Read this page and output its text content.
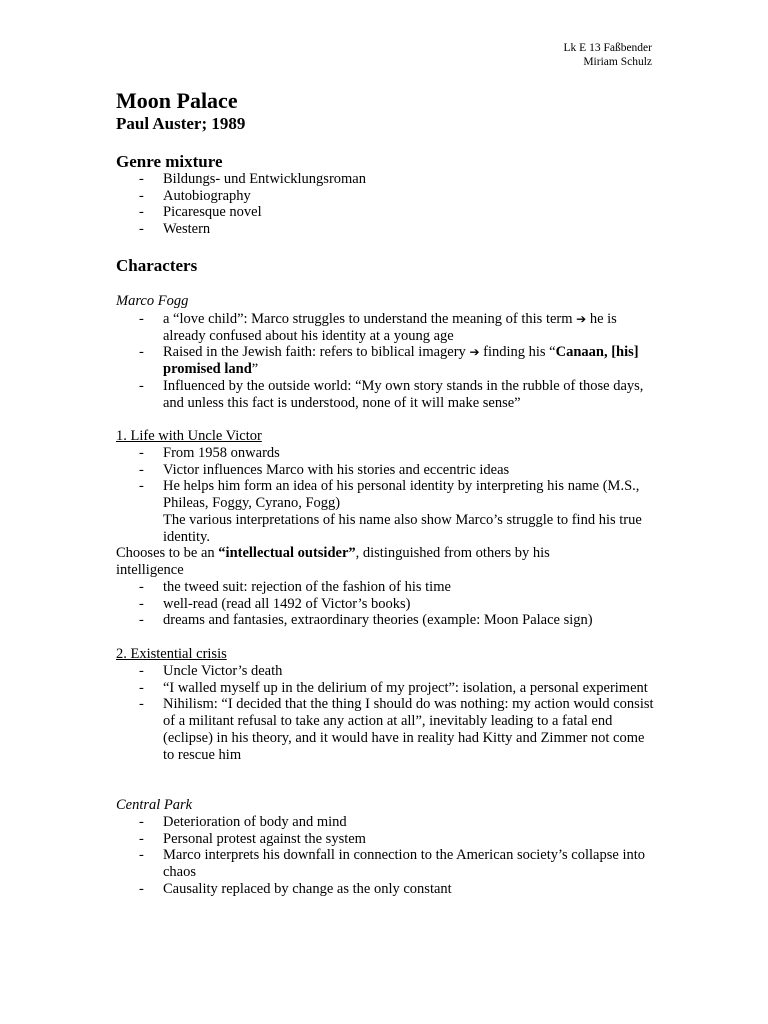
Lk E 13 Faßbender
Miriam Schulz
Moon Palace
Paul Auster; 1989
Genre mixture
- Bildungs- und Entwicklungsroman
- Autobiography
- Picaresque novel
- Western
Characters
Marco Fogg
- a “love child”: Marco struggles to understand the meaning of this term ➔ he is already confused about his identity at a young age
- Raised in the Jewish faith: refers to biblical imagery ➔ finding his “Canaan, [his] promised land”
- Influenced by the outside world: “My own story stands in the rubble of those days, and unless this fact is understood, none of it will make sense”
1. Life with Uncle Victor
- From 1958 onwards
- Victor influences Marco with his stories and eccentric ideas
- He helps him form an idea of his personal identity by interpreting his name (M.S., Phileas, Foggy, Cyrano, Fogg)
The various interpretations of his name also show Marco’s struggle to find his true identity.
Chooses to be an “intellectual outsider”, distinguished from others by his intelligence
- the tweed suit: rejection of the fashion of his time
- well-read (read all 1492 of Victor’s books)
- dreams and fantasies, extraordinary theories (example: Moon Palace sign)
2. Existential crisis
- Uncle Victor’s death
- “I walled myself up in the delirium of my project”: isolation, a personal experiment
- Nihilism: “I decided that the thing I should do was nothing: my action would consist of a militant refusal to take any action at all”, inevitably leading to a fatal end (eclipse) in his theory, and it would have in reality had Kitty and Zimmer not come to rescue him
Central Park
- Deterioration of body and mind
- Personal protest against the system
- Marco interprets his downfall in connection to the American society’s collapse into chaos
- Causality replaced by change as the only constant
